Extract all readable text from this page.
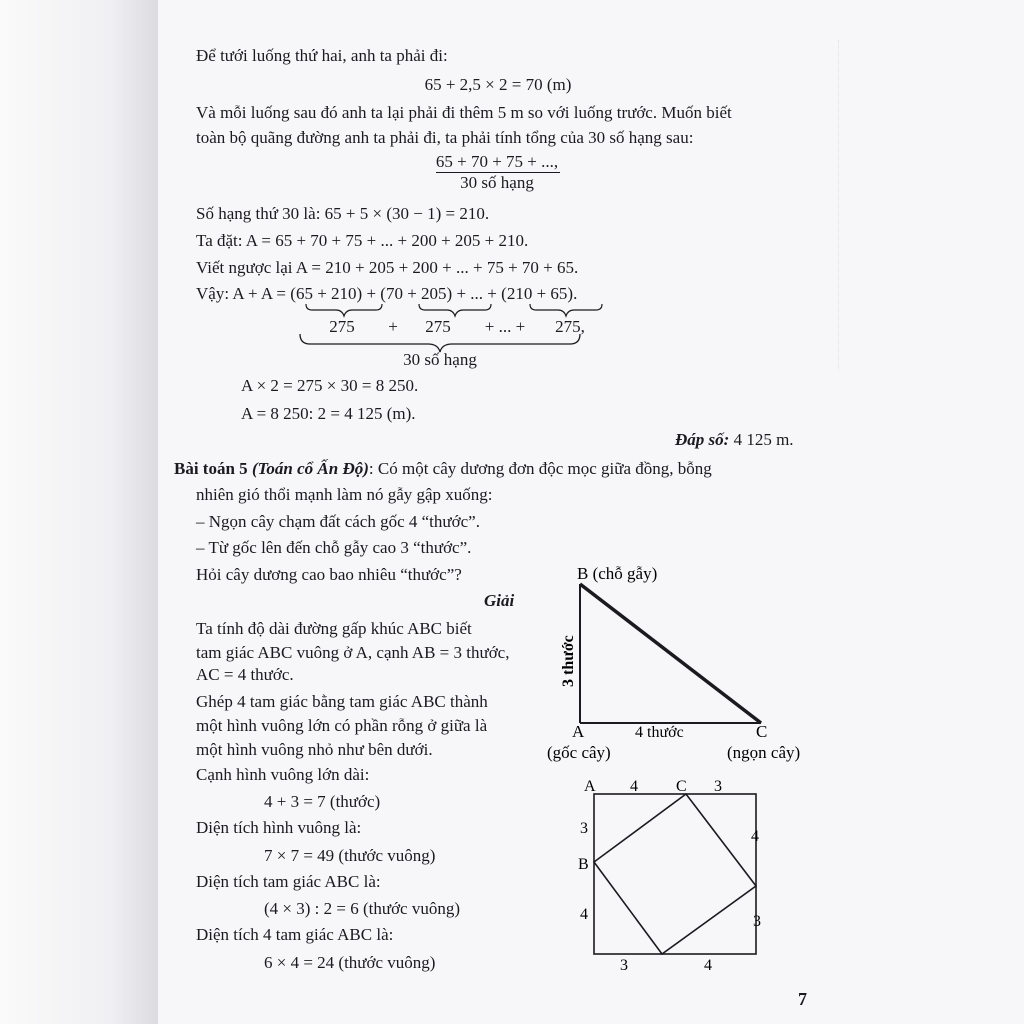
Để tưới luống thứ hai, anh ta phải đi:
65 + 2,5 × 2 = 70 (m)
Và mỗi luống sau đó anh ta lại phải đi thêm 5 m so với luống trước. Muốn biết
toàn bộ quãng đường anh ta phải đi, ta phải tính tổng của 30 số hạng sau:
65 + 70 + 75 + ...,
30 số hạng
Số hạng thứ 30 là: 65 + 5 × (30 − 1) = 210.
Ta đặt: A = 65 + 70 + 75 + ... + 200 + 205 + 210.
Viết ngược lại A = 210 + 205 + 200 + ... + 75 + 70 + 65.
Vậy: A + A = (65 + 210) + (70 + 205) + ... + (210 + 65).
275 + 275 + ... + 275,
30 số hạng
A × 2 = 275 × 30 = 8 250.
A = 8 250: 2 = 4 125 (m).
Đáp số: 4 125 m.
Bài toán 5 (Toán cổ Ấn Độ): Có một cây dương đơn độc mọc giữa đồng, bỗng
nhiên gió thổi mạnh làm nó gẫy gập xuống:
– Ngọn cây chạm đất cách gốc 4 “thước”.
– Từ gốc lên đến chỗ gẫy cao 3 “thước”.
Hỏi cây dương cao bao nhiêu “thước”?
Giải
Ta tính độ dài đường gấp khúc ABC biết
tam giác ABC vuông ở A, cạnh AB = 3 thước,
AC = 4 thước.
Ghép 4 tam giác bằng tam giác ABC thành
một hình vuông lớn có phần rỗng ở giữa là
một hình vuông nhỏ như bên dưới.
Cạnh hình vuông lớn dài:
4 + 3 = 7 (thước)
Diện tích hình vuông là:
7 × 7 = 49 (thước vuông)
Diện tích tam giác ABC là:
(4 × 3) : 2 = 6 (thước vuông)
Diện tích 4 tam giác ABC là:
6 × 4 = 24 (thước vuông)
B (chỗ gẫy)
A	C
3 thước
4 thước
(gốc cây)	(ngọn cây)
A	C
B
4	3
3
4
4
3
3	4
7
